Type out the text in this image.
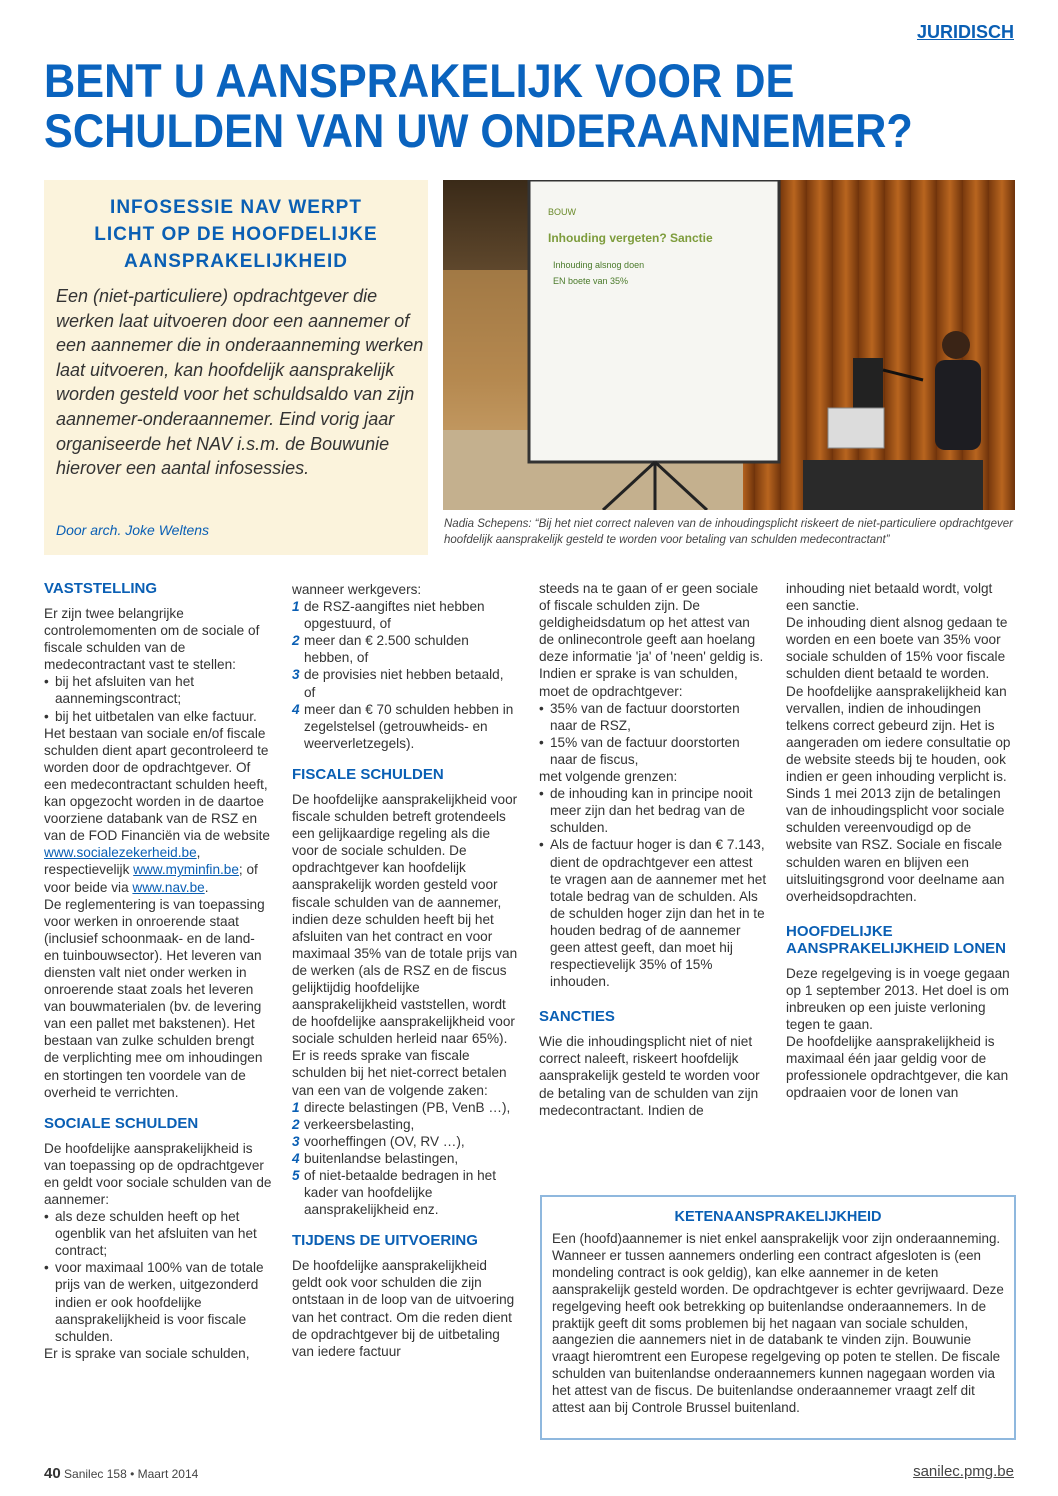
JURIDISCH
BENT U AANSPRAKELIJK VOOR DE
SCHULDEN VAN UW ONDERAANNEMER?
INFOSESSIE NAV WERPT
LICHT OP DE HOOFDELIJKE
AANSPRAKELIJKHEID
Een (niet-particuliere) opdrachtgever die werken laat uitvoeren door een aannemer of een aannemer die in onderaanneming werken laat uitvoeren, kan hoofdelijk aansprakelijk worden gesteld voor het schuldsaldo van zijn aannemer-onderaannemer. Eind vorig jaar organiseerde het NAV i.s.m. de Bouwunie hierover een aantal infosessies.
Door arch. Joke Weltens
BOUW
Inhouding vergeten? Sanctie
Inhouding alsnog doen
EN boete van 35%
Nadia Schepens: “Bij het niet correct naleven van de inhoudingsplicht riskeert de niet-particuliere opdrachtgever hoofdelijk aansprakelijk gesteld te worden voor betaling van schulden medecontractant”
VASTSTELLING

Er zijn twee belangrijke controlemomenten om de sociale of fiscale schulden van de medecontractant vast te stellen:

• bij het afsluiten van het aannemingscontract;

• bij het uitbetalen van elke factuur.

Het bestaan van sociale en/of fiscale schulden dient apart gecontroleerd te worden door de opdrachtgever. Of een medecontractant schulden heeft, kan opgezocht worden in de daartoe voorziene databank van de RSZ en van de FOD Financiën via de website www.socialezekerheid.be, respectievelijk www.myminfin.be; of voor beide via www.nav.be.

De reglementering is van toepassing voor werken in onroerende staat (inclusief schoonmaak- en de land- en tuinbouwsector). Het leveren van diensten valt niet onder werken in onroerende staat zoals het leveren van bouwmaterialen (bv. de levering van een pallet met bakstenen). Het bestaan van zulke schulden brengt de verplichting mee om inhoudingen en stortingen ten voordele van de overheid te verrichten.

SOCIALE SCHULDEN

De hoofdelijke aansprakelijkheid is van toepassing op de opdrachtgever en geldt voor sociale schulden van de aannemer:

• als deze schulden heeft op het ogenblik van het afsluiten van het contract;

• voor maximaal 100% van de totale prijs van de werken, uitgezonderd indien er ook hoofdelijke aansprakelijkheid is voor fiscale schulden.

Er is sprake van sociale schulden,

wanneer werkgevers:

1 de RSZ-aangiftes niet hebben opgestuurd, of

2 meer dan € 2.500 schulden hebben, of

3 de provisies niet hebben betaald, of

4 meer dan € 70 schulden hebben in zegelstelsel (getrouwheids- en weerverletzegels).

FISCALE SCHULDEN

De hoofdelijke aansprakelijkheid voor fiscale schulden betreft grotendeels een gelijkaardige regeling als die voor de sociale schulden. De opdrachtgever kan hoofdelijk aansprakelijk worden gesteld voor fiscale schulden van de aannemer, indien deze schulden heeft bij het afsluiten van het contract en voor maximaal 35% van de totale prijs van de werken (als de RSZ en de fiscus gelijktijdig hoofdelijke aansprakelijkheid vaststellen, wordt de hoofdelijke aansprakelijkheid voor sociale schulden herleid naar 65%). Er is reeds sprake van fiscale schulden bij het niet-correct betalen van een van de volgende zaken:

1 directe belastingen (PB, VenB …),

2 verkeersbelasting,

3 voorheffingen (OV, RV …),

4 buitenlandse belastingen,

5 of niet-betaalde bedragen in het kader van hoofdelijke aansprakelijkheid enz.

TIJDENS DE UITVOERING

De hoofdelijke aansprakelijkheid geldt ook voor schulden die zijn ontstaan in de loop van de uitvoering van het contract. Om die reden dient de opdrachtgever bij de uitbetaling van iedere factuur

steeds na te gaan of er geen sociale of fiscale schulden zijn. De geldigheidsdatum op het attest van de onlinecontrole geeft aan hoelang deze informatie 'ja' of 'neen' geldig is.

Indien er sprake is van schulden, moet de opdrachtgever:

• 35% van de factuur doorstorten naar de RSZ,

• 15% van de factuur doorstorten naar de fiscus,

met volgende grenzen:

• de inhouding kan in principe nooit meer zijn dan het bedrag van de schulden.

• Als de factuur hoger is dan € 7.143, dient de opdrachtgever een attest te vragen aan de aannemer met het totale bedrag van de schulden. Als de schulden hoger zijn dan het in te houden bedrag of de aannemer geen attest geeft, dan moet hij respectievelijk 35% of 15% inhouden.

SANCTIES

Wie die inhoudingsplicht niet of niet correct naleeft, riskeert hoofdelijk aansprakelijk gesteld te worden voor de betaling van de schulden van zijn medecontractant. Indien de

inhouding niet betaald wordt, volgt een sanctie.

De inhouding dient alsnog gedaan te worden en een boete van 35% voor sociale schulden of 15% voor fiscale schulden dient betaald te worden.

De hoofdelijke aansprakelijkheid kan vervallen, indien de inhoudingen telkens correct gebeurd zijn. Het is aangeraden om iedere consultatie op de website steeds bij te houden, ook indien er geen inhouding verplicht is.

Sinds 1 mei 2013 zijn de betalingen van de inhoudingsplicht voor sociale schulden vereenvoudigd op de website van RSZ. Sociale en fiscale schulden waren en blijven een uitsluitingsgrond voor deelname aan overheidsopdrachten.

HOOFDELIJKE
AANSPRAKELIJKHEID LONEN

Deze regelgeving is in voege gegaan op 1 september 2013. Het doel is om inbreuken op een juiste verloning tegen te gaan.

De hoofdelijke aansprakelijkheid is maximaal één jaar geldig voor de professionele opdrachtgever, die kan opdraaien voor de lonen van

KETENAANSPRAKELIJKHEID

Een (hoofd)aannemer is niet enkel aansprakelijk voor zijn onderaanneming. Wanneer er tussen aannemers onderling een contract afgesloten is (een mondeling contract is ook geldig), kan elke aannemer in de keten aansprakelijk gesteld worden. De opdrachtgever is echter gevrijwaard. Deze regelgeving heeft ook betrekking op buitenlandse onderaannemers. In de praktijk geeft dit soms problemen bij het nagaan van sociale schulden, aangezien die aannemers niet in de databank te vinden zijn. Bouwunie vraagt hieromtrent een Europese regelgeving op poten te stellen. De fiscale schulden van buitenlandse onderaannemers kunnen nagegaan worden via het attest van de fiscus. De buitenlandse onderaannemer vraagt zelf dit attest aan bij Controle Brussel buitenland.

40 Sanilec 158 • Maart 2014	sanilec.pmg.be
